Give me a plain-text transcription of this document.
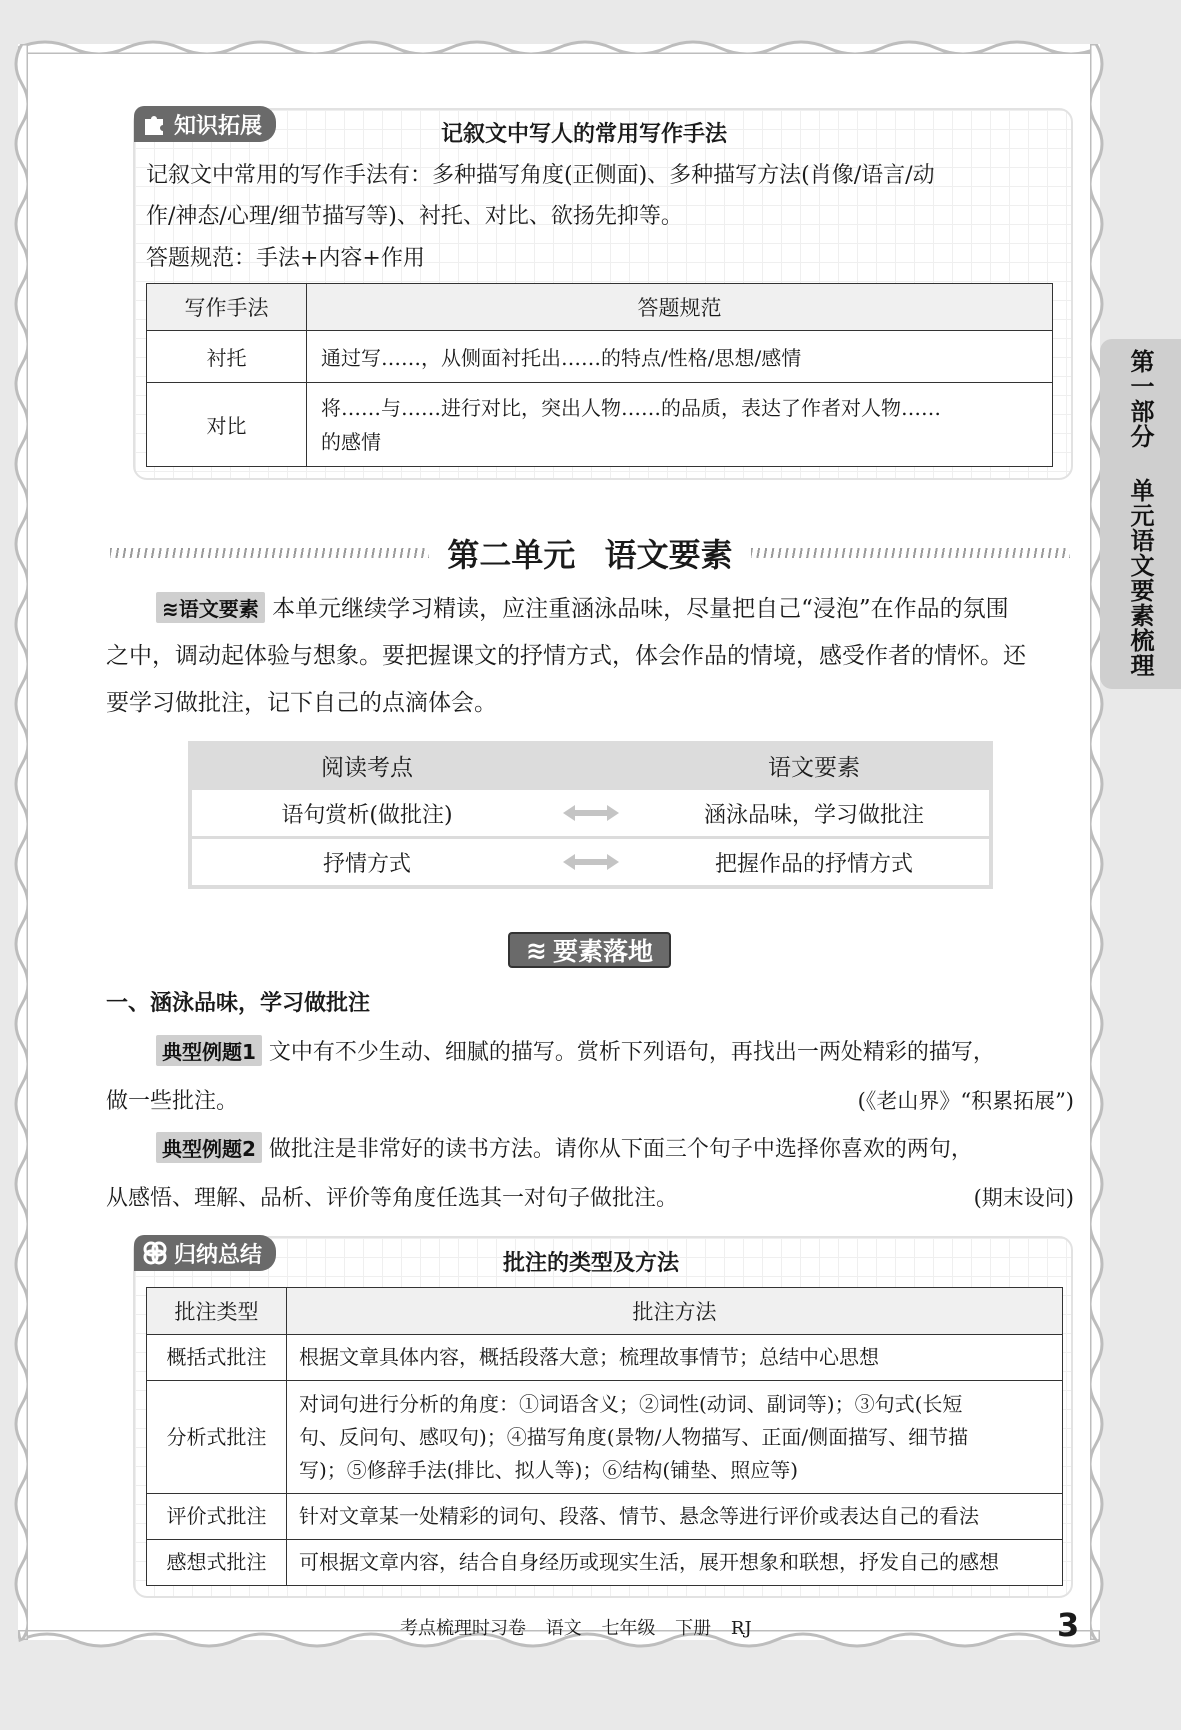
第一部分 单元语文要素梳理
知识拓展	记叙文中写人的常用写作手法
记叙文中常用的写作手法有：多种描写角度(正侧面)、多种描写方法(肖像/语言/动
作/神态/心理/细节描写等)、衬托、对比、欲扬先抑等。
答题规范：手法+内容+作用
写作手法	答题规范
衬托	通过写……，从侧面衬托出……的特点/性格/思想/感情
对比	将……与……进行对比，突出人物……的品质，表达了作者对人物……
的感情
第二单元 语文要素
≋语文要素 本单元继续学习精读，应注重涵泳品味，尽量把自己“浸泡”在作品的氛围
之中，调动起体验与想象。要把握课文的抒情方式，体会作品的情境，感受作者的情怀。还
要学习做批注，记下自己的点滴体会。
阅读考点	语文要素
语句赏析(做批注)	涵泳品味，学习做批注
抒情方式	把握作品的抒情方式
≋ 要素落地
一、涵泳品味，学习做批注
典型例题1 文中有不少生动、细腻的描写。赏析下列语句，再找出一两处精彩的描写，
做一些批注。	(《老山界》“积累拓展”)
典型例题2 做批注是非常好的读书方法。请你从下面三个句子中选择你喜欢的两句，
从感悟、理解、品析、评价等角度任选其一对句子做批注。	(期末设问)
归纳总结	批注的类型及方法
批注类型	批注方法
概括式批注	根据文章具体内容，概括段落大意；梳理故事情节；总结中心思想
分析式批注	对词句进行分析的角度：①词语含义；②词性(动词、副词等)；③句式(长短
句、反问句、感叹句)；④描写角度(景物/人物描写、正面/侧面描写、细节描
写)；⑤修辞手法(排比、拟人等)；⑥结构(铺垫、照应等)

评价式批注	针对文章某一处精彩的词句、段落、情节、悬念等进行评价或表达自己的看法
感想式批注	可根据文章内容，结合自身经历或现实生活，展开想象和联想，抒发自己的感想
考点梳理时习卷 语文 七年级 下册 RJ	3
